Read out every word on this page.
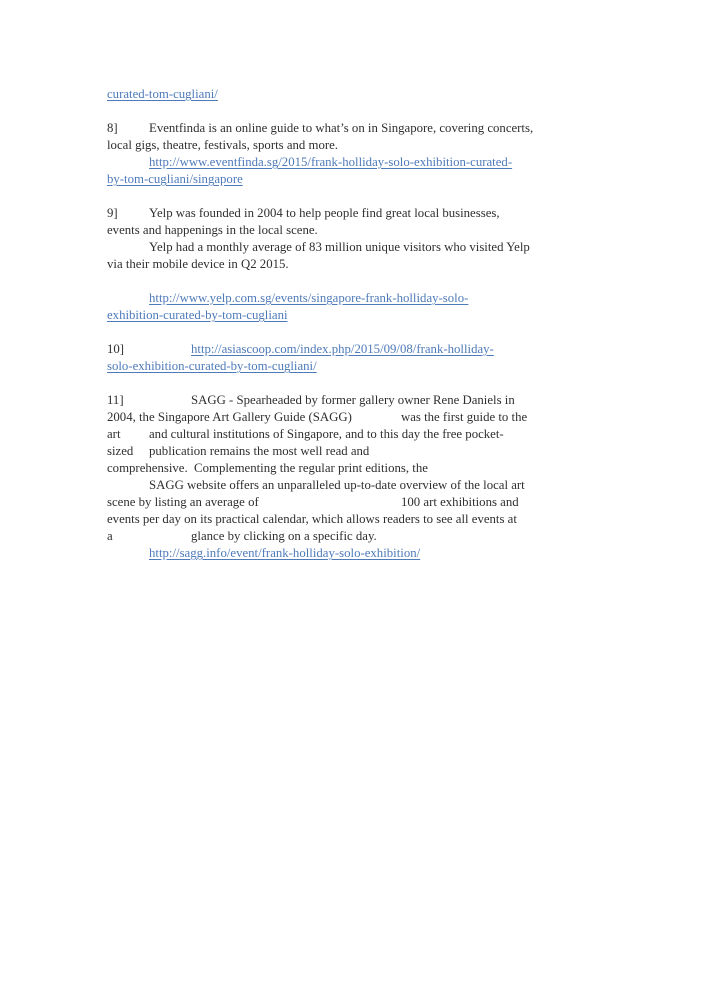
curated-tom-cugliani/
8]	Eventfinda is an online guide to what’s on in Singapore, covering concerts,
local gigs, theatre, festivals, sports and more.
	http://www.eventfinda.sg/2015/frank-holliday-solo-exhibition-curated-
by-tom-cugliani/singapore
9]	Yelp was founded in 2004 to help people find great local businesses,
events and happenings in the local scene.
	Yelp had a monthly average of 83 million unique visitors who visited Yelp
via their mobile device in Q2 2015.
	http://www.yelp.com.sg/events/singapore-frank-holliday-solo-
exhibition-curated-by-tom-cugliani
10]			http://asiascoop.com/index.php/2015/09/08/frank-holliday-
solo-exhibition-curated-by-tom-cugliani/
11]			SAGG - Spearheaded by former gallery owner Rene Daniels in
2004, the Singapore Art Gallery Guide (SAGG)			was the first guide to the
art	and cultural institutions of Singapore, and to this day the free pocket-
sized	publication remains the most well read and
comprehensive.  Complementing the regular print editions, the
	SAGG website offers an unparalleled up-to-date overview of the local art
scene by listing an average of					100 art exhibitions and
events per day on its practical calendar, which allows readers to see all events at
a			glance by clicking on a specific day.
	http://sagg.info/event/frank-holliday-solo-exhibition/
